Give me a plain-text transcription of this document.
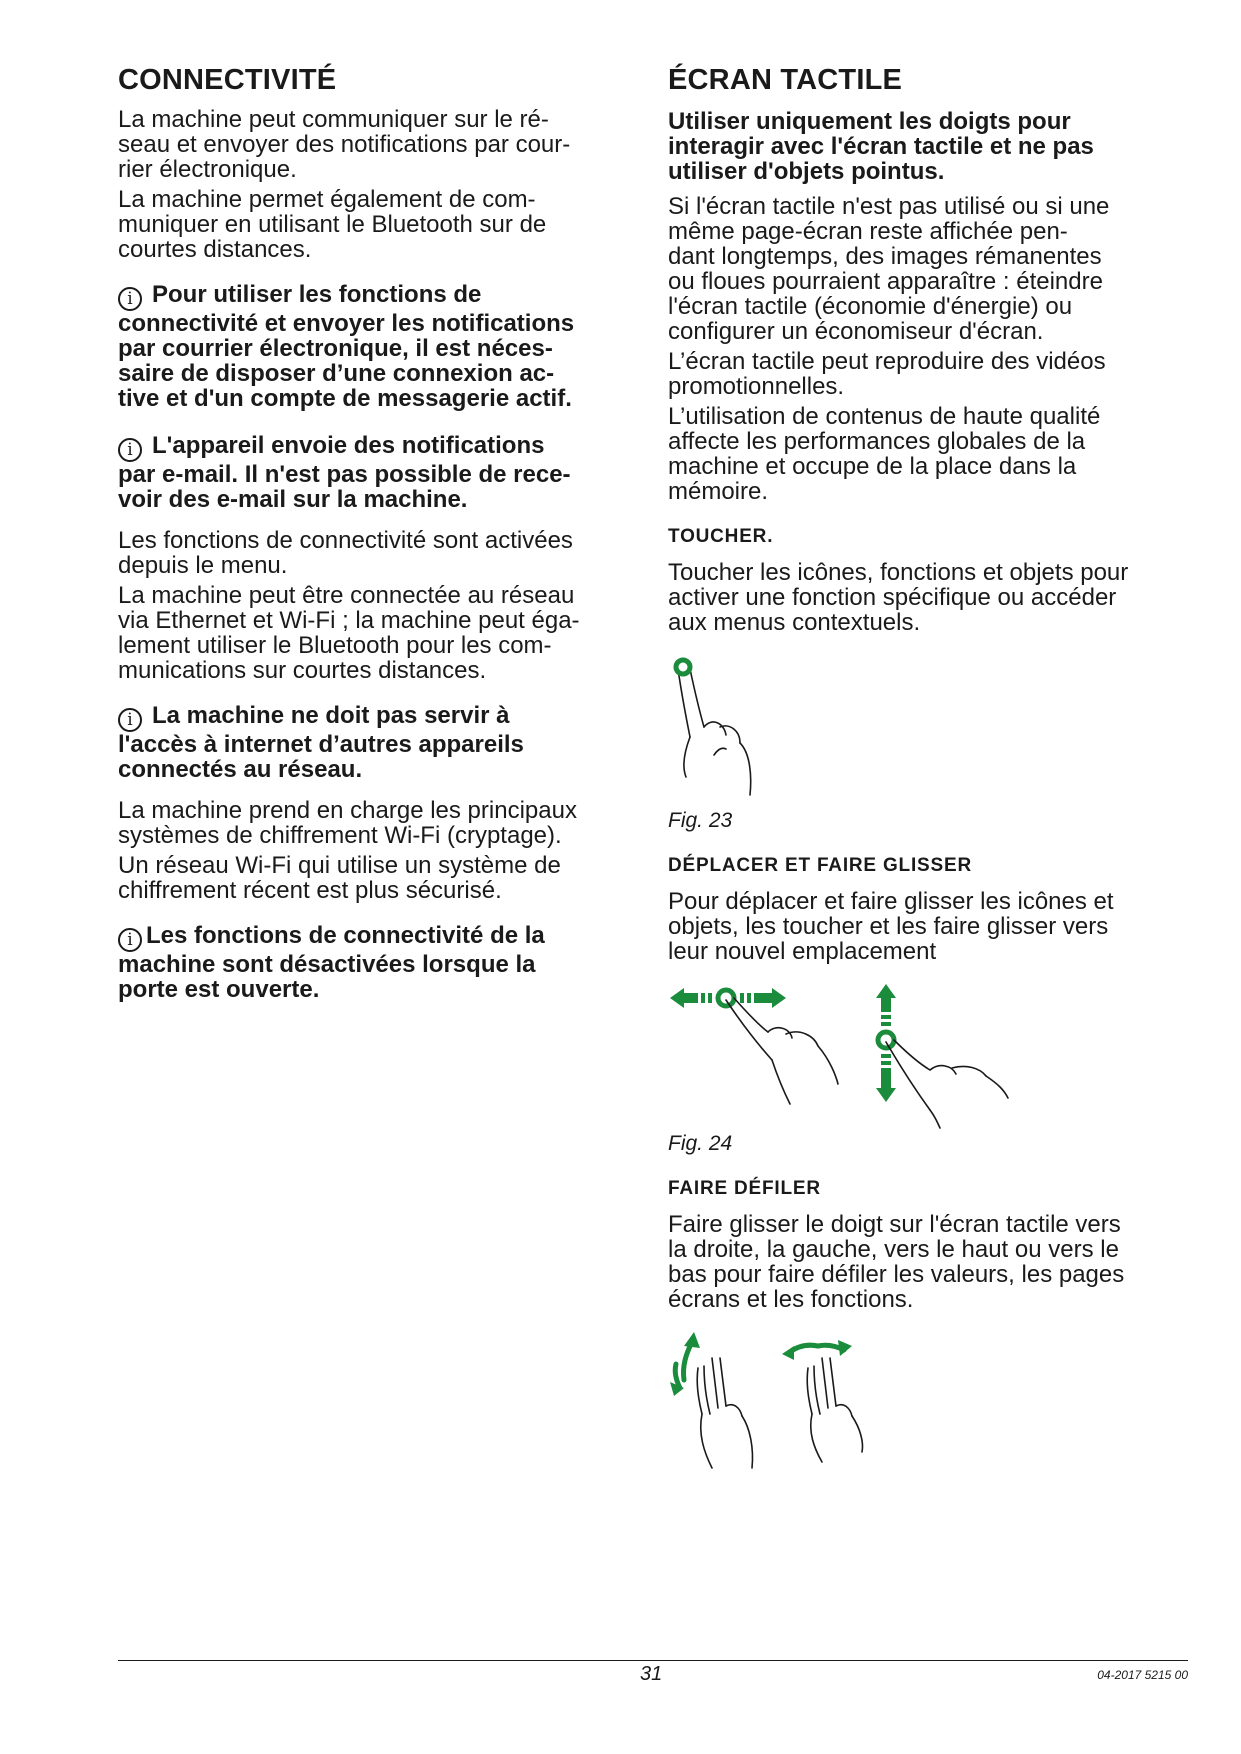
CONNECTIVITÉ

La machine peut communiquer sur le ré-
seau et envoyer des notifications par cour-
rier électronique.

La machine permet également de com-
muniquer en utilisant le Bluetooth sur de
courtes distances.

i Pour utiliser les fonctions de
connectivité et envoyer les notifications
par courrier électronique, il est néces-
saire de disposer d’une connexion ac-
tive et d'un compte de messagerie actif.
i L'appareil envoie des notifications
par e-mail. Il n'est pas possible de rece-
voir des e-mail sur la machine.

Les fonctions de connectivité sont activées
depuis le menu.

La machine peut être connectée au réseau
via Ethernet et Wi-Fi ; la machine peut éga-
lement utiliser le Bluetooth pour les com-
munications sur courtes distances.

i La machine ne doit pas servir à
l'accès à internet d’autres appareils
connectés au réseau.

La machine prend en charge les principaux
systèmes de chiffrement Wi-Fi (cryptage).

Un réseau Wi-Fi qui utilise un système de
chiffrement récent est plus sécurisé.

i Les fonctions de connectivité de la
machine sont désactivées lorsque la
porte est ouverte.
ÉCRAN TACTILE
Utiliser uniquement les doigts pour
interagir avec l'écran tactile et ne pas
utiliser d'objets pointus.

Si l'écran tactile n'est pas utilisé ou si une
même page-écran reste affichée pen-
dant longtemps, des images rémanentes
ou floues pourraient apparaître : éteindre
l'écran tactile (économie d'énergie) ou
configurer un économiseur d'écran.

L’écran tactile peut reproduire des vidéos
promotionnelles.

L’utilisation de contenus de haute qualité
affecte les performances globales de la
machine et occupe de la place dans la
mémoire.

TOUCHER.

Toucher les icônes, fonctions et objets pour
activer une fonction spécifique ou accéder
aux menus contextuels.

Fig. 23
DÉPLACER ET FAIRE GLISSER

Pour déplacer et faire glisser les icônes et
objets, les toucher et les faire glisser vers
leur nouvel emplacement

Fig. 24
FAIRE DÉFILER

Faire glisser le doigt sur l'écran tactile vers
la droite, la gauche, vers le haut ou vers le
bas pour faire défiler les valeurs, les pages
écrans et les fonctions.

31	04-2017 5215 00
